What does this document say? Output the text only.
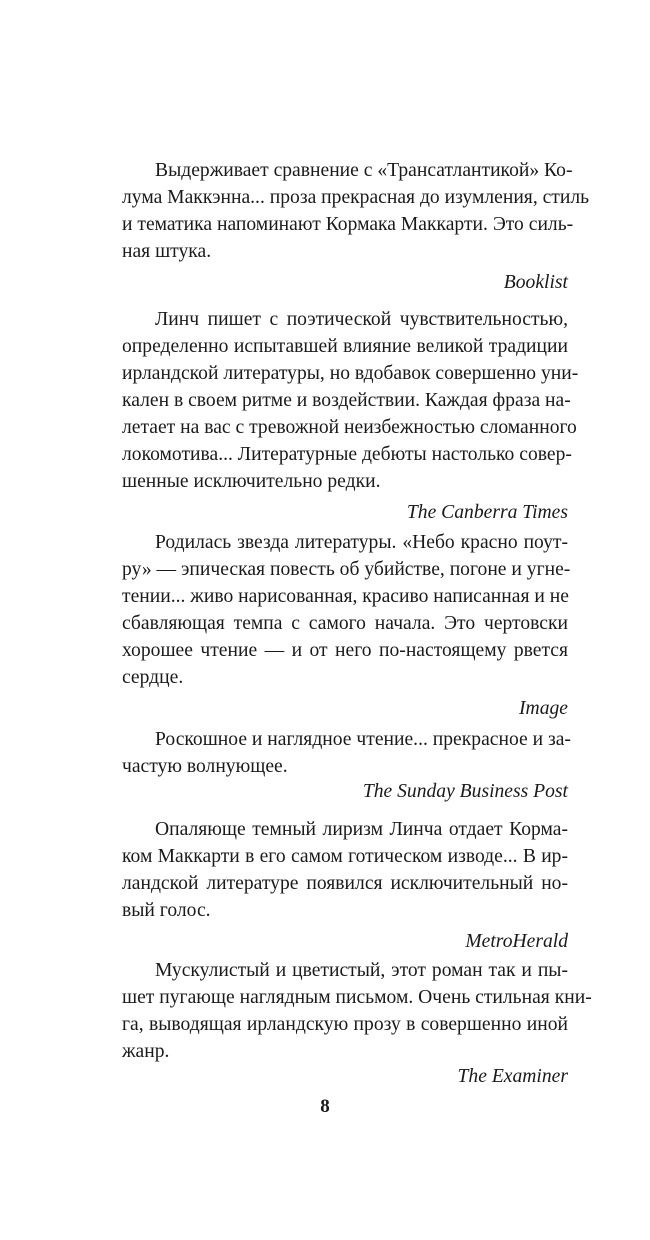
Выдерживает сравнение с «Трансатлантикой» Ко-
лума Маккэнна... проза прекрасная до изумления, стиль
и тематика напоминают Кормака Маккарти. Это силь-
ная штука.
Booklist
Линч пишет с поэтической чувствительностью,
определенно испытавшей влияние великой традиции
ирландской литературы, но вдобавок совершенно уни-
кален в своем ритме и воздействии. Каждая фраза на-
летает на вас с тревожной неизбежностью сломанного
локомотива... Литературные дебюты настолько совер-
шенные исключительно редки.
The Canberra Times
Родилась звезда литературы. «Небо красно поут-
ру» — эпическая повесть об убийстве, погоне и угне-
тении... живо нарисованная, красиво написанная и не
сбавляющая темпа с самого начала. Это чертовски
хорошее чтение — и от него по-настоящему рвется
сердце.
Image
Роскошное и наглядное чтение... прекрасное и за-
частую волнующее.
The Sunday Business Post
Опаляюще темный лиризм Линча отдает Корма-
ком Маккарти в его самом готическом изводе... В ир-
ландской литературе появился исключительный но-
вый голос.
MetroHerald
Мускулистый и цветистый, этот роман так и пы-
шет пугающе наглядным письмом. Очень стильная кни-
га, выводящая ирландскую прозу в совершенно иной
жанр.
The Examiner
8
